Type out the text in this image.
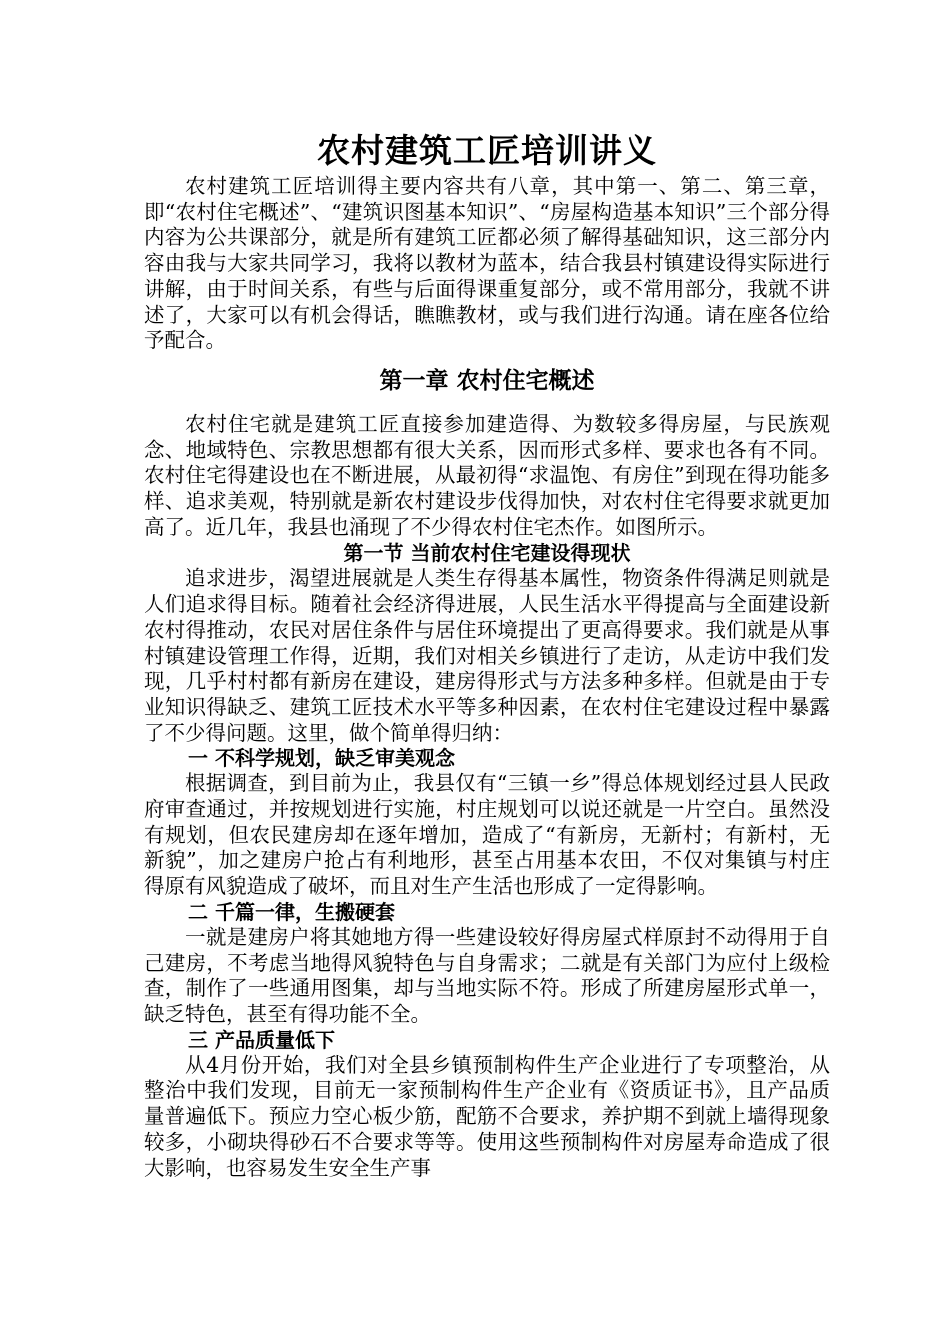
农村建筑工匠培训讲义

农村建筑工匠培训得主要内容共有八章，其中第一、第二、第三章，即“农村住宅概述”、“建筑识图基本知识”、“房屋构造基本知识”三个部分得内容为公共课部分，就是所有建筑工匠都必须了解得基础知识，这三部分内容由我与大家共同学习，我将以教材为蓝本，结合我县村镇建设得实际进行讲解，由于时间关系，有些与后面得课重复部分，或不常用部分，我就不讲述了，大家可以有机会得话，瞧瞧教材，或与我们进行沟通。请在座各位给予配合。

第一章 农村住宅概述

农村住宅就是建筑工匠直接参加建造得、为数较多得房屋，与民族观念、地域特色、宗教思想都有很大关系，因而形式多样、要求也各有不同。农村住宅得建设也在不断进展，从最初得“求温饱、有房住”到现在得功能多样、追求美观，特别就是新农村建设步伐得加快，对农村住宅得要求就更加高了。近几年，我县也涌现了不少得农村住宅杰作。如图所示。

第一节 当前农村住宅建设得现状

追求进步，渴望进展就是人类生存得基本属性，物资条件得满足则就是人们追求得目标。随着社会经济得进展，人民生活水平得提高与全面建设新农村得推动，农民对居住条件与居住环境提出了更高得要求。我们就是从事村镇建设管理工作得，近期，我们对相关乡镇进行了走访，从走访中我们发现，几乎村村都有新房在建设，建房得形式与方法多种多样。但就是由于专业知识得缺乏、建筑工匠技术水平等多种因素，在农村住宅建设过程中暴露了不少得问题。这里，做个简单得归纳：

一 不科学规划，缺乏审美观念

根据调查，到目前为止，我县仅有“三镇一乡”得总体规划经过县人民政府审查通过，并按规划进行实施，村庄规划可以说还就是一片空白。虽然没有规划，但农民建房却在逐年增加，造成了“有新房，无新村；有新村，无新貌”，加之建房户抢占有利地形，甚至占用基本农田，不仅对集镇与村庄得原有风貌造成了破坏，而且对生产生活也形成了一定得影响。

二 千篇一律，生搬硬套

一就是建房户将其她地方得一些建设较好得房屋式样原封不动得用于自己建房，不考虑当地得风貌特色与自身需求；二就是有关部门为应付上级检查，制作了一些通用图集，却与当地实际不符。形成了所建房屋形式单一，缺乏特色，甚至有得功能不全。

三 产品质量低下

从4月份开始，我们对全县乡镇预制构件生产企业进行了专项整治，从整治中我们发现，目前无一家预制构件生产企业有《资质证书》，且产品质量普遍低下。预应力空心板少筋，配筋不合要求，养护期不到就上墙得现象较多，小砌块得砂石不合要求等等。使用这些预制构件对房屋寿命造成了很大影响，也容易发生安全生产事
